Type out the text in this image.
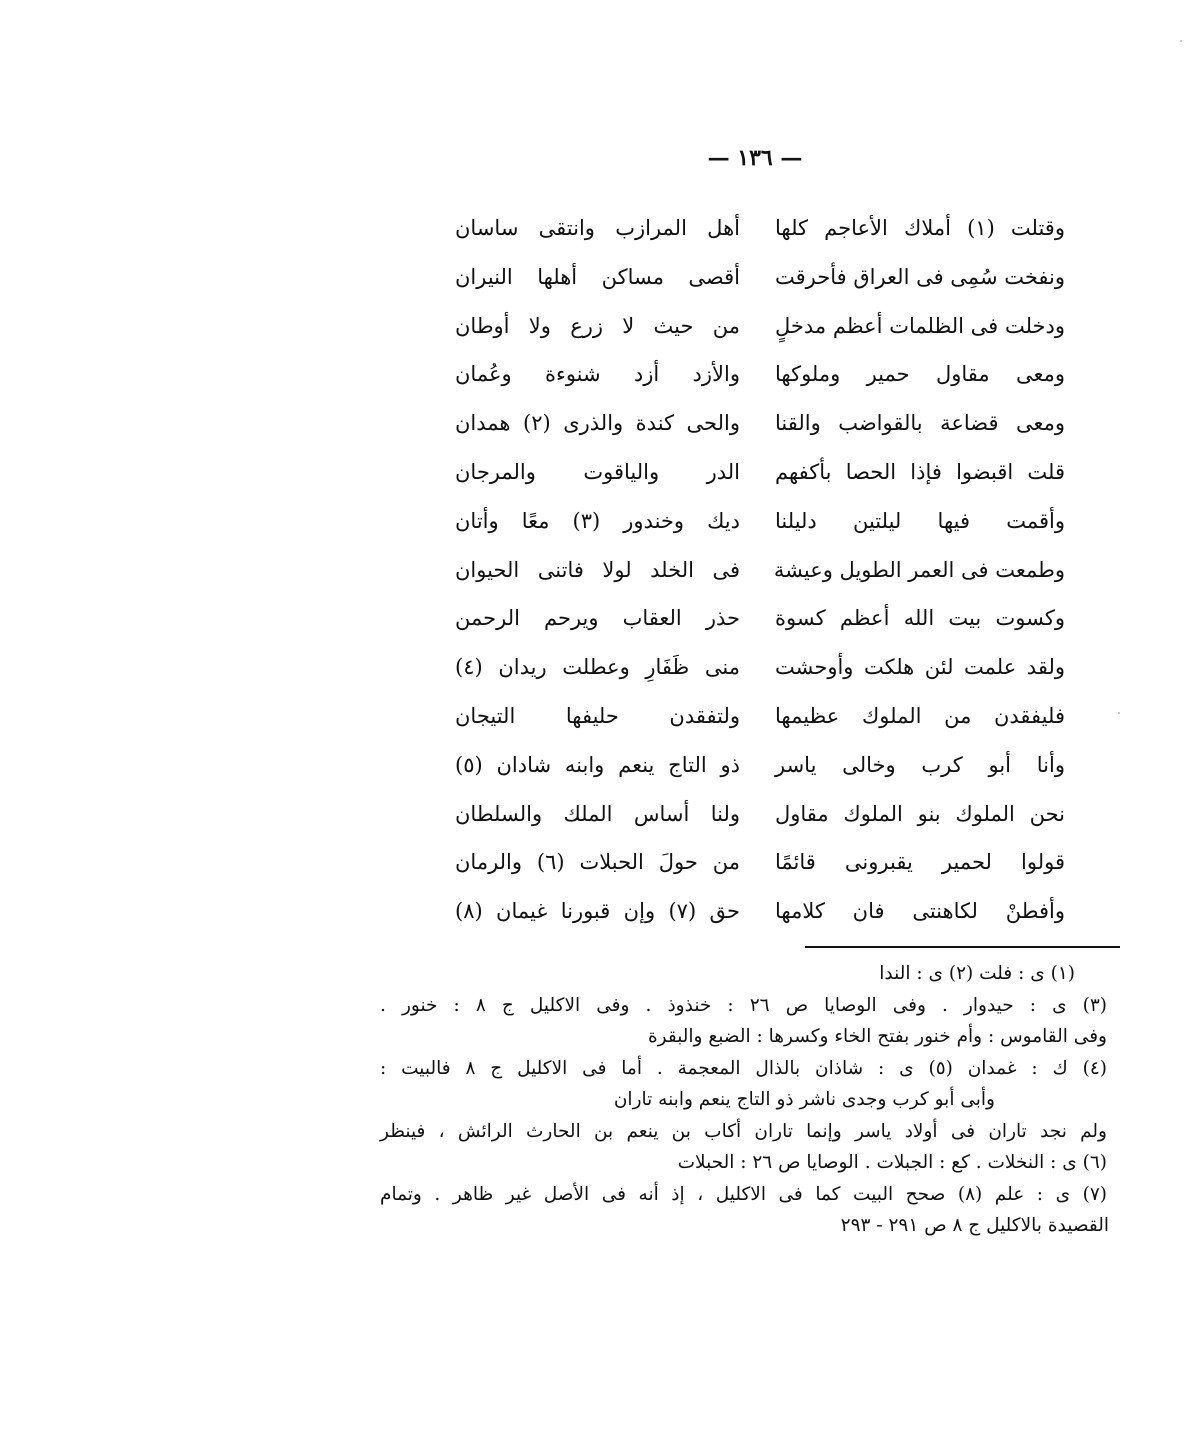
— ١٣٦ —
وقتلت (١) أملاك الأعاجم كلها
أهل المرازب وانتقى ساسان
ونفخت سُمِى فى العراق فأحرقت
أقصى مساكن أهلها النيران
ودخلت فى الظلمات أعظم مدخلٍ
من حيث لا زرع ولا أوطان
ومعى مقاول حمير وملوكها
والأزد أزد شنوءة وعُمان
ومعى قضاعة بالقواضب والقنا
والحى كندة والذرى (٢) همدان
قلت اقبضوا فإذا الحصا بأكفهم
الدر والياقوت والمرجان
وأقمت فيها ليلتين دليلنا
ديك وخندور (٣) معًا وأتان
وطمعت فى العمر الطويل وعيشة
فى الخلد لولا فاتنى الحيوان
وكسوت بيت الله أعظم كسوة
حذر العقاب ويرحم الرحمن
ولقد علمت لئن هلكت وأوحشت
منى ظَفَارِ وعطلت ريدان (٤)
فليفقدن من الملوك عظيمها
ولتفقدن حليفها التيجان
وأنا أبو كرب وخالى ياسر
ذو التاج ينعم وابنه شادان (٥)
نحن الملوك بنو الملوك مقاول
ولنا أساس الملك والسلطان
قولوا لحمير يقبرونى قائمًا
من حولَ الحبلات (٦) والرمان
وأفطنْ لكاهنتى فان كلامها
حق (٧) وإن قبورنا غيمان (٨)
(١) ى : فلت (٢) ى : الندا
(٣) ى : حيدوار . وفى الوصايا ص ٢٦ : خنذوذ . وفى الاكليل ج ٨ : خنور .
وفى القاموس : وأم خنور بفتح الخاء وكسرها : الضبع والبقرة
(٤) ك : غمدان (٥) ى : شاذان بالذال المعجمة . أما فى الاكليل ج ٨ فالبيت :
وأبى أبو كرب وجدى ناشر ذو التاج ينعم وابنه تاران
ولم نجد تاران فى أولاد ياسر وإنما تاران أكاب بن ينعم بن الحارث الرائش ، فينظر
(٦) ى : النخلات . كع : الجبلات . الوصايا ص ٢٦ : الحبلات
(٧) ى : علم (٨) صحح البيت كما فى الاكليل ، إذ أنه فى الأصل غير ظاهر . وتمام
القصيدة بالاكليل ج ٨ ص ٢٩١ - ٢٩٣
